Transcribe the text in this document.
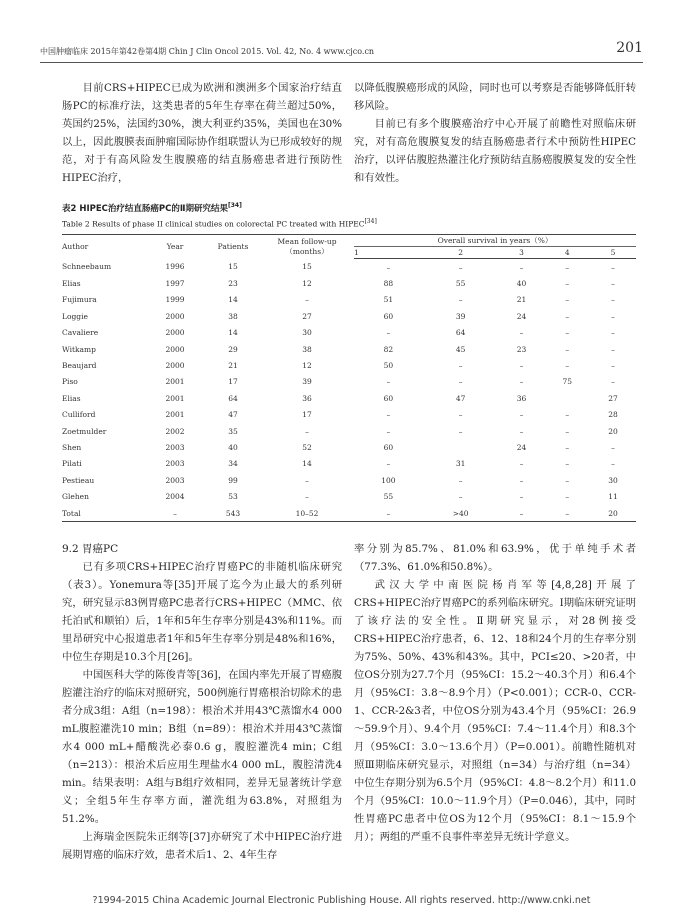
中国肿瘤临床 2015年第42卷第4期 Chin J Clin Oncol 2015. Vol. 42, No. 4 www.cjco.cn	201

目前CRS+HIPEC已成为欧洲和澳洲多个国家治疗结直肠PC的标准疗法，这类患者的5年生存率在荷兰超过50%，英国约25%，法国约30%，澳大利亚约35%，美国也在30%以上，因此腹膜表面肿瘤国际协作组联盟认为已形成较好的规范，对于有高风险发生腹膜癌的结直肠癌患者进行预防性HIPEC治疗，

以降低腹膜癌形成的风险，同时也可以考察是否能够降低肝转移风险。

目前已有多个腹膜癌治疗中心开展了前瞻性对照临床研究，对有高危腹膜复发的结直肠癌患者行术中预防性HIPEC治疗，以评估腹腔热灌注化疗预防结直肠癌腹膜复发的安全性和有效性。

表2 HIPEC治疗结直肠癌PC的Ⅱ期研究结果[34]
Table 2 Results of phase II clinical studies on colorectal PC treated with HIPEC[34]
Author	Year	Patients	Mean follow-up（months）	Overall survival in years（%）				
				1	2	3	4	5
Schneebaum	1996	15	15	–	–	–	–	–
Elias	1997	23	12	88	55	40	–	–
Fujimura	1999	14	–	51	–	21	–	–
Loggie	2000	38	27	60	39	24	–	–
Cavaliere	2000	14	30	–	64	–	–	–
Witkamp	2000	29	38	82	45	23	–	–
Beaujard	2000	21	12	50	–	–	–	–
Piso	2001	17	39	–	–	–	75	–
Elias	2001	64	36	60	47	36		27
Culliford	2001	47	17	–	–	–	–	28
Zoetmulder	2002	35	–	–	–	–	–	20
Shen	2003	40	52	60		24	–	–
Pilati	2003	34	14	–	31	–	–	–
Pestieau	2003	99	–	100	–	–	–	30
Glehen	2004	53	–	55	–	–	–	11
Total	–	543	10–52	–	>40	–	–	20
9.2 胃癌PC

已有多项CRS+HIPEC治疗胃癌PC的非随机临床研究（表3）。Yonemura等[35]开展了迄今为止最大的系列研究，研究显示83例胃癌PC患者行CRS+HIPEC（MMC、依托泊甙和顺铂）后，1年和5年生存率分别是43%和11%。而里昂研究中心报道患者1年和5年生存率分别是48%和16%，中位生存期是10.3个月[26]。

中国医科大学的陈俊青等[36]，在国内率先开展了胃癌腹腔灌注治疗的临床对照研究，500例施行胃癌根治切除术的患者分成3组：A组（n=198）：根治术并用43℃蒸馏水4 000 mL腹腔灌洗10 min；B组（n=89）：根治术并用43℃蒸馏水4 000 mL+醋酸洗必泰0.6 g，腹腔灌洗4 min；C组（n=213）：根治术后应用生理盐水4 000 mL，腹腔清洗4 min。结果表明：A组与B组疗效相同，差异无显著统计学意义；全组5年生存率方面，灌洗组为63.8%，对照组为51.2%。

上海瑞金医院朱正纲等[37]亦研究了术中HIPEC治疗进展期胃癌的临床疗效，患者术后1、2、4年生存

率分别为85.7%、81.0%和63.9%，优于单纯手术者（77.3%、61.0%和50.8%）。

武汉大学中南医院杨肖军等[4,8,28]开展了CRS+HIPEC治疗胃癌PC的系列临床研究。Ⅰ期临床研究证明了该疗法的安全性。Ⅱ期研究显示，对28例接受CRS+HIPEC治疗患者，6、12、18和24个月的生存率分别为75%、50%、43%和43%。其中，PCI≤20、>20者，中位OS分别为27.7个月（95%CI：15.2～40.3个月）和6.4个月（95%CI：3.8～8.9个月）（P<0.001）；CCR-0、CCR-1、CCR-2&3者，中位OS分别为43.4个月（95%CI：26.9～59.9个月）、9.4个月（95%CI：7.4～11.4个月）和8.3个月（95%CI：3.0～13.6个月）（P=0.001）。前瞻性随机对照Ⅲ期临床研究显示，对照组（n=34）与治疗组（n=34）中位生存期分别为6.5个月（95%CI：4.8～8.2个月）和11.0个月（95%CI：10.0～11.9个月）（P=0.046），其中，同时性胃癌PC患者中位OS为12个月（95%CI：8.1～15.9个月）；两组的严重不良事件率差异无统计学意义。

?1994-2015 China Academic Journal Electronic Publishing House. All rights reserved. http://www.cnki.net
